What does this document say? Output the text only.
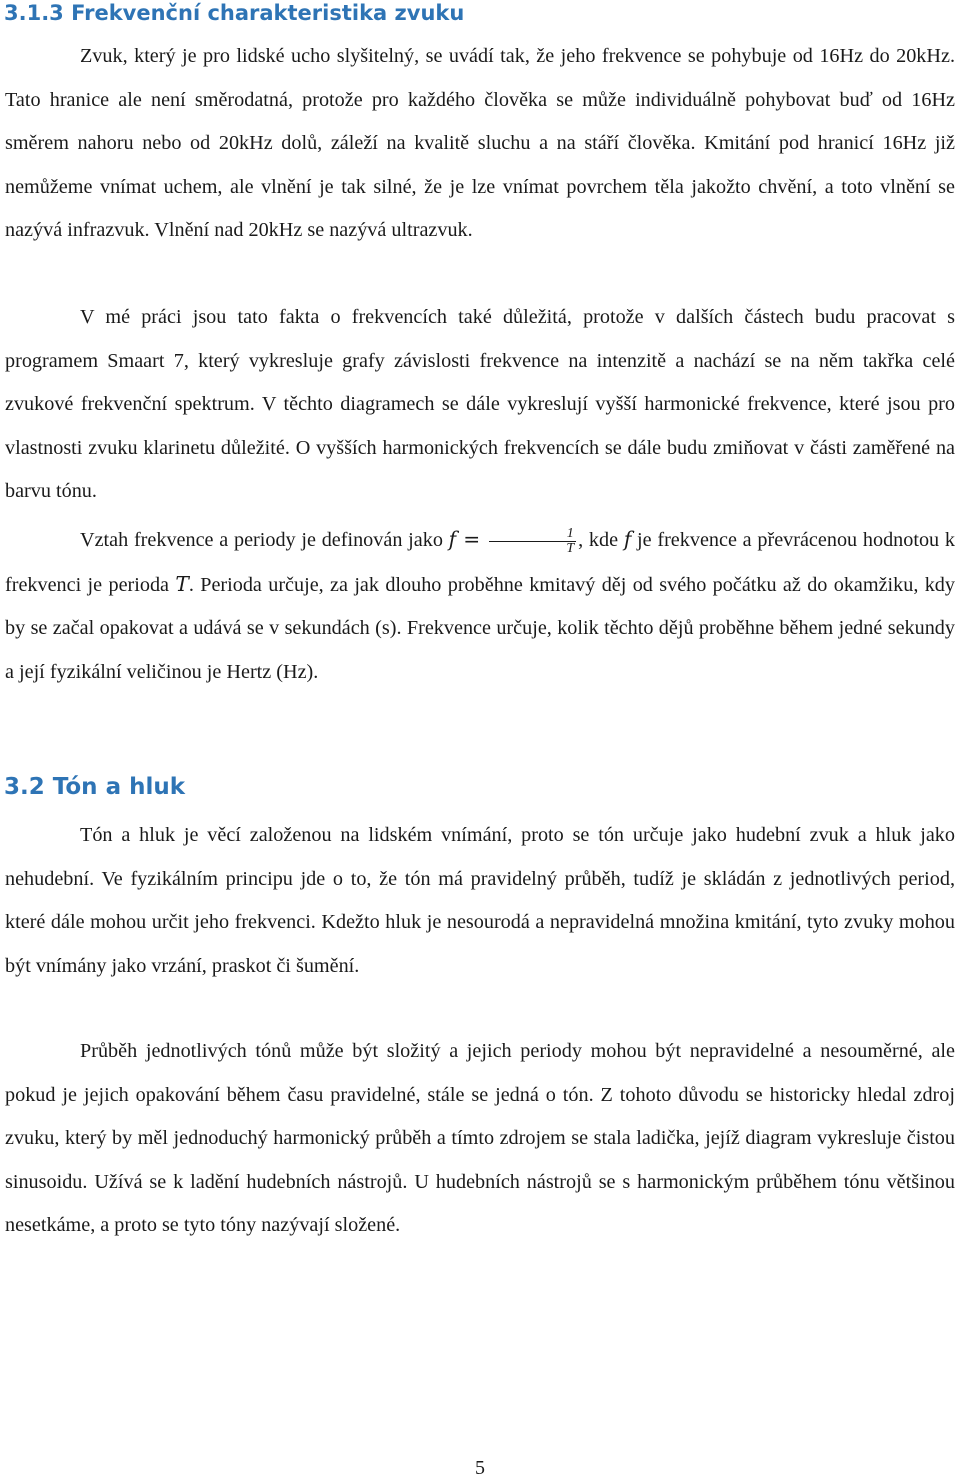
3.1.3 Frekvenční charakteristika zvuku

Zvuk, který je pro lidské ucho slyšitelný, se uvádí tak, že jeho frekvence se pohybuje od 16Hz do 20kHz. Tato hranice ale není směrodatná, protože pro každého člověka se může individuálně pohybovat buď od 16Hz směrem nahoru nebo od 20kHz dolů, záleží na kvalitě sluchu a na stáří člověka. Kmitání pod hranicí 16Hz již nemůžeme vnímat uchem, ale vlnění je tak silné, že je lze vnímat povrchem těla jakožto chvění, a toto vlnění se nazývá infrazvuk. Vlnění nad 20kHz se nazývá ultrazvuk.

V mé práci jsou tato fakta o frekvencích také důležitá, protože v dalších částech budu pracovat s programem Smaart 7, který vykresluje grafy závislosti frekvence na intenzitě a nachází se na něm takřka celé zvukové frekvenční spektrum. V těchto diagramech se dále vykreslují vyšší harmonické frekvence, které jsou pro vlastnosti zvuku klarinetu důležité. O vyšších harmonických frekvencích se dále budu zmiňovat v části zaměřené na barvu tónu.

Vztah frekvence a periody je definován jako $f = \frac{1}{T}$ , kde f je frekvence a převrácenou hodnotou k frekvenci je perioda T. Perioda určuje, za jak dlouho proběhne kmitavý děj od svého počátku až do okamžiku, kdy by se začal opakovat a udává se v sekundách (s). Frekvence určuje, kolik těchto dějů proběhne během jedné sekundy a její fyzikální veličinou je Hertz (Hz).

3.2 Tón a hluk

Tón a hluk je věcí založenou na lidském vnímání, proto se tón určuje jako hudební zvuk a hluk jako nehudební. Ve fyzikálním principu jde o to, že tón má pravidelný průběh, tudíž je skládán z jednotlivých period, které dále mohou určit jeho frekvenci. Kdežto hluk je nesourodá a nepravidelná množina kmitání, tyto zvuky mohou být vnímány jako vrzání, praskot či šumění.

Průběh jednotlivých tónů může být složitý a jejich periody mohou být nepravidelné a nesouměrné, ale pokud je jejich opakování během času pravidelné, stále se jedná o tón. Z tohoto důvodu se historicky hledal zdroj zvuku, který by měl jednoduchý harmonický průběh a tímto zdrojem se stala ladička, jejíž diagram vykresluje čistou sinusoidu. Užívá se k ladění hudebních nástrojů. U hudebních nástrojů se s harmonickým průběhem tónu většinou nesetkáme, a proto se tyto tóny nazývají složené.

5
